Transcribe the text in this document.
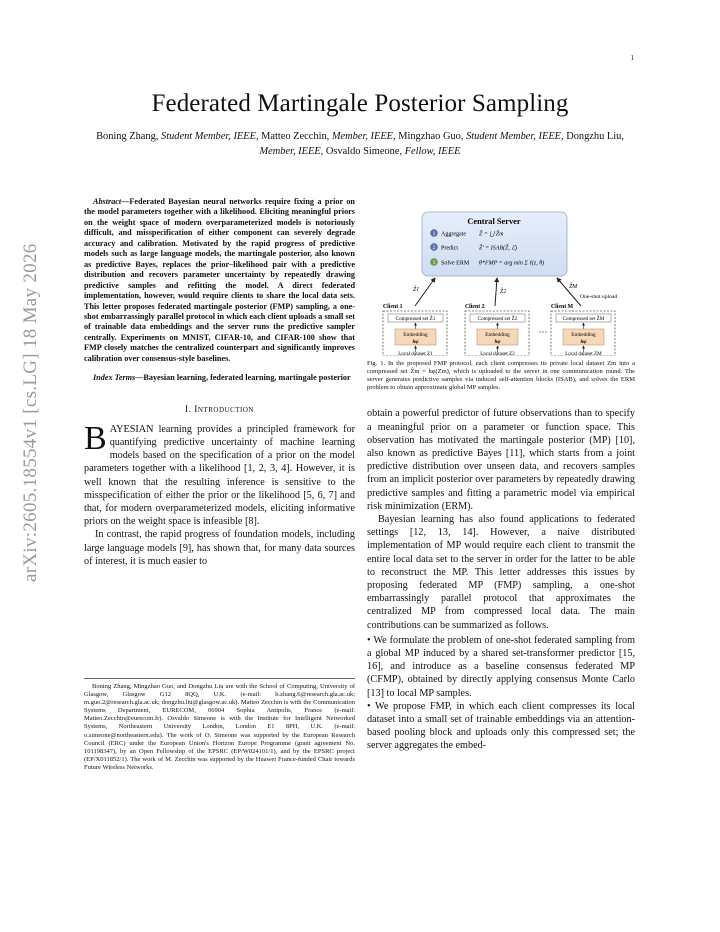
1
arXiv:2605.18554v1 [cs.LG] 18 May 2026
Federated Martingale Posterior Sampling
Boning Zhang, Student Member, IEEE, Matteo Zecchin, Member, IEEE, Mingzhao Guo, Student Member, IEEE, Dongzhu Liu, Member, IEEE, Osvaldo Simeone, Fellow, IEEE

Abstract—Federated Bayesian neural networks require fixing a prior on the model parameters together with a likelihood. Eliciting meaningful priors on the weight space of modern overparameterized models is notoriously difficult, and misspecification of either component can severely degrade accuracy and calibration. Motivated by the rapid progress of predictive models such as large language models, the martingale posterior, also known as predictive Bayes, replaces the prior–likelihood pair with a predictive distribution and recovers parameter uncertainty by repeatedly drawing predictive samples and refitting the model. A direct federated implementation, however, would require clients to share the local data sets. This letter proposes federated martingale posterior (FMP) sampling, a one-shot embarrassingly parallel protocol in which each client uploads a small set of trainable data embeddings and the server runs the predictive sampler centrally. Experiments on MNIST, CIFAR-10, and CIFAR-100 show that FMP closely matches the centralized counterpart and significantly improves calibration over consensus-style baselines.

Index Terms—Bayesian learning, federated learning, martingale posterior

I. Introduction

BAYESIAN learning provides a principled framework for quantifying predictive uncertainty of machine learning models based on the specification of a prior on the model parameters together with a likelihood [1, 2, 3, 4]. However, it is well known that the resulting inference is sensitive to the misspecification of either the prior or the likelihood [5, 6, 7] and that, for modern overparameterized models, eliciting informative priors on the weight space is infeasible [8].

In contrast, the rapid progress of foundation models, including large language models [9], has shown that, for many data sources of interest, it is much easier to

Boning Zhang, Mingzhao Guo, and Dongzhu Liu are with the School of Computing, University of Glasgow, Glasgow G12 8QQ, U.K. (e-mail: b.zhang.6@research.gla.ac.uk; m.guo.2@research.gla.ac.uk; dongzhu.liu@glasgow.ac.uk). Matteo Zecchin is with the Communication Systems Department, EURECOM, 06904 Sophia Antipolis, France (e-mail: Matteo.Zecchin@eurecom.fr). Osvaldo Simeone is with the Institute for Intelligent Networked Systems, Northeastern University London, London E1 8PH, U.K. (e-mail: o.simeone@northeastern.edu). The work of O. Simeone was supported by the European Research Council (ERC) under the European Union's Horizon Europe Programme (grant agreement No. 101198347), by an Open Fellowship of the EPSRC (EP/W024101/1), and by the EPSRC project (EP/X011852/1). The work of M. Zecchin was supported by the Huawei France-funded Chair towards Future Wireless Networks.

Central Server
1 Aggregate Ẑ = ⋃ Ẑm
2 Predict	Ẑ′ = ISAB(Ẑ, ℰ)
3 Solve ERM θ*FMP = arg min Σ ℓ(z, θ)
Ẑ1	Ẑ2
ẐM
One-shot upload
Client 1
Compressed set Ẑ1
Embedding
hφ
Local dataset Z1
Client 2
Compressed set Ẑ2
Embedding
hφ
Local dataset Z2
···
Client M
Compressed set ẐM
Embedding
hφ
Local dataset ZM

Fig. 1. In the proposed FMP protocol, each client compresses its private local dataset Zm into a compressed set Ẑm = hφ(Zm), which is uploaded to the server in one communication round. The server generates predictive samples via induced self-attention blocks (ISAB), and solves the ERM problem to obtain approximate global MP samples.

obtain a powerful predictor of future observations than to specify a meaningful prior on a parameter or function space. This observation has motivated the martingale posterior (MP) [10], also known as predictive Bayes [11], which starts from a joint predictive distribution over unseen data, and recovers samples from an implicit posterior over parameters by repeatedly drawing predictive samples and fitting a parametric model via empirical risk minimization (ERM).

Bayesian learning has also found applications to federated settings [12, 13, 14]. However, a naive distributed implementation of MP would require each client to transmit the entire local data set to the server in order for the latter to be able to reconstruct the MP. This letter addresses this issues by proposing federated MP (FMP) sampling, a one-shot embarrassingly parallel protocol that approximates the centralized MP from compressed local data. The main contributions can be summarized as follows.

• We formulate the problem of one-shot federated sampling from a global MP induced by a shared set-transformer predictor [15, 16], and introduce as a baseline consensus federated MP (CFMP), obtained by directly applying consensus Monte Carlo [13] to local MP samples.

• We propose FMP, in which each client compresses its local dataset into a small set of trainable embeddings via an attention-based pooling block and uploads only this compressed set; the server aggregates the embed-
